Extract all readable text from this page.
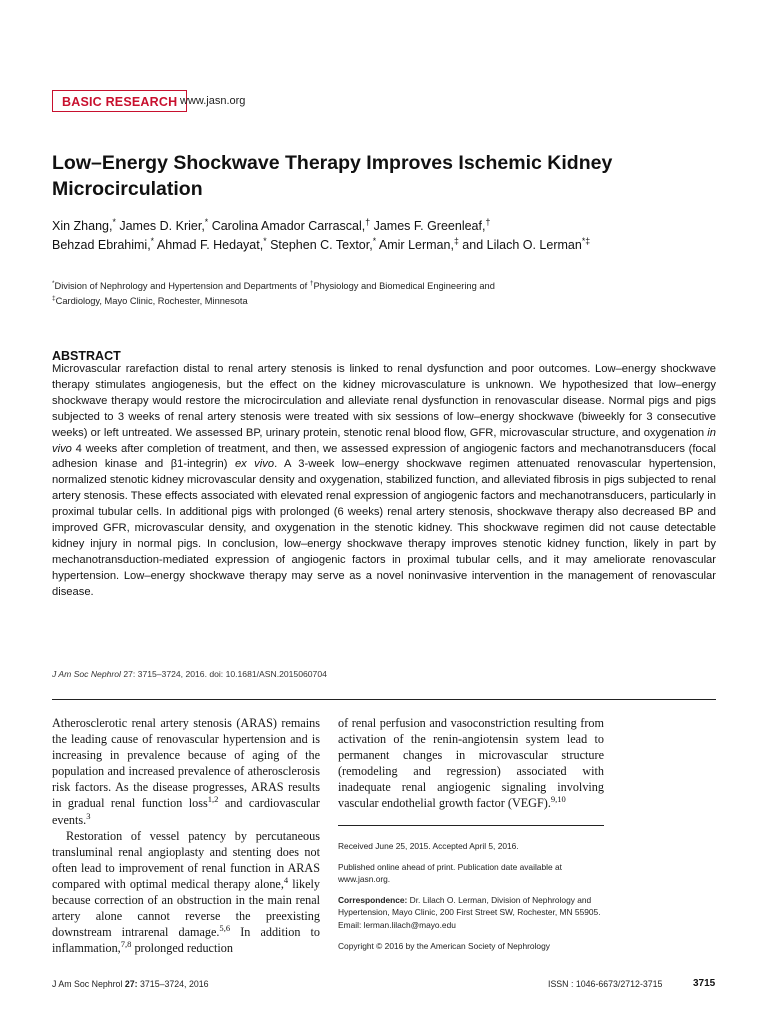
BASIC RESEARCH www.jasn.org
Low–Energy Shockwave Therapy Improves Ischemic Kidney Microcirculation
Xin Zhang,* James D. Krier,* Carolina Amador Carrascal,† James F. Greenleaf,†
Behzad Ebrahimi,* Ahmad F. Hedayat,* Stephen C. Textor,* Amir Lerman,‡ and Lilach O. Lerman*‡
*Division of Nephrology and Hypertension and Departments of †Physiology and Biomedical Engineering and
‡Cardiology, Mayo Clinic, Rochester, Minnesota
ABSTRACT
Microvascular rarefaction distal to renal artery stenosis is linked to renal dysfunction and poor outcomes. Low–energy shockwave therapy stimulates angiogenesis, but the effect on the kidney microvasculature is unknown. We hypothesized that low–energy shockwave therapy would restore the microcirculation and alleviate renal dysfunction in renovascular disease. Normal pigs and pigs subjected to 3 weeks of renal artery stenosis were treated with six sessions of low–energy shockwave (biweekly for 3 consecutive weeks) or left untreated. We assessed BP, urinary protein, stenotic renal blood flow, GFR, microvascular structure, and oxygenation in vivo 4 weeks after completion of treatment, and then, we assessed expression of angiogenic factors and mechanotransducers (focal adhesion kinase and β1-integrin) ex vivo. A 3-week low–energy shockwave regimen attenuated renovascular hypertension, normalized stenotic kidney microvascular density and oxygenation, stabilized function, and alleviated fibrosis in pigs subjected to renal artery stenosis. These effects associated with elevated renal expression of angiogenic factors and mechanotransducers, particularly in proximal tubular cells. In additional pigs with prolonged (6 weeks) renal artery stenosis, shockwave therapy also decreased BP and improved GFR, microvascular density, and oxygenation in the stenotic kidney. This shockwave regimen did not cause detectable kidney injury in normal pigs. In conclusion, low–energy shockwave therapy improves stenotic kidney function, likely in part by mechanotransduction-mediated expression of angiogenic factors in proximal tubular cells, and it may ameliorate renovascular hypertension. Low–energy shockwave therapy may serve as a novel noninvasive intervention in the management of renovascular disease.
J Am Soc Nephrol 27: 3715–3724, 2016. doi: 10.1681/ASN.2015060704

Atherosclerotic renal artery stenosis (ARAS) remains the leading cause of renovascular hypertension and is increasing in prevalence because of aging of the population and increased prevalence of atherosclerosis risk factors. As the disease progresses, ARAS results in gradual renal function loss$^{1,2}$ and cardiovascular events.$^3$

Restoration of vessel patency by percutaneous transluminal renal angioplasty and stenting does not often lead to improvement of renal function in ARAS compared with optimal medical therapy alone,$^4$ likely because correction of an obstruction in the main renal artery alone cannot reverse the preexisting downstream intrarenal damage.$^{5,6}$ In addition to inflammation,$^{7,8}$ prolonged reduction

of renal perfusion and vasoconstriction resulting from activation of the renin-angiotensin system lead to permanent changes in microvascular structure (remodeling and regression) associated with inadequate renal angiogenic signaling involving vascular endothelial growth factor (VEGF).$^{9,10}$

Received June 25, 2015. Accepted April 5, 2016.

Published online ahead of print. Publication date available at www.jasn.org.

Correspondence: Dr. Lilach O. Lerman, Division of Nephrology and Hypertension, Mayo Clinic, 200 First Street SW, Rochester, MN 55905. Email: lerman.lilach@mayo.edu

Copyright © 2016 by the American Society of Nephrology

J Am Soc Nephrol 27: 3715–3724, 2016	ISSN : 1046-6673/2712-3715	3715
